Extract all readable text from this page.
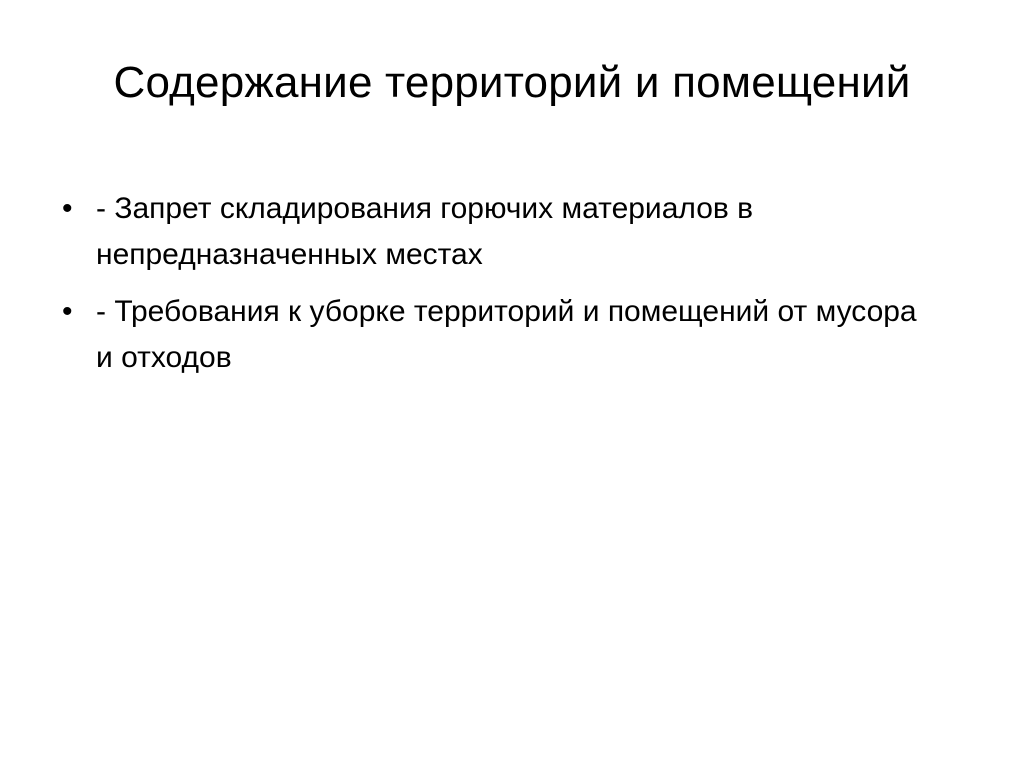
Содержание территорий и помещений
• - Запрет складирования горючих материалов в непредназначенных местах
• - Требования к уборке территорий и помещений от мусора и отходов
